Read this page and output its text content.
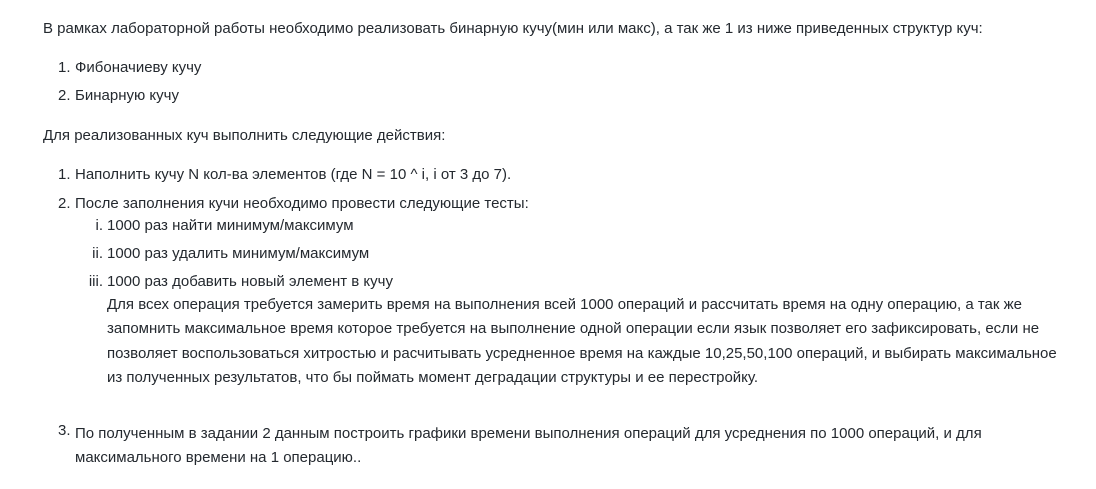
В рамках лабораторной работы необходимо реализовать бинарную кучу(мин или макс), а так же 1 из ниже приведенных структур куч:

1. Фибоначиеву кучу
2. Бинарную кучу

Для реализованных куч выполнить следующие действия:

1. Наполнить кучу N кол-ва элементов (где N = 10 ^ i, i от 3 до 7).
2. После заполнения кучи необходимо провести следующие тесты:
i. 1000 раз найти минимум/максимум
ii. 1000 раз удалить минимум/максимум
iii. 1000 раз добавить новый элемент в кучу
Для всех операция требуется замерить время на выполнения всей 1000 операций и рассчитать время на одну операцию, а так же запомнить максимальное время которое требуется на выполнение одной операции если язык позволяет его зафиксировать, если не позволяет воспользоваться хитростью и расчитывать усредненное время на каждые 10,25,50,100 операций, и выбирать максимальное из полученных результатов, что бы поймать момент деградации структуры и ее перестройку.
3. По полученным в задании 2 данным построить графики времени выполнения операций для усреднения по 1000 операций, и для максимального времени на 1 операцию..
